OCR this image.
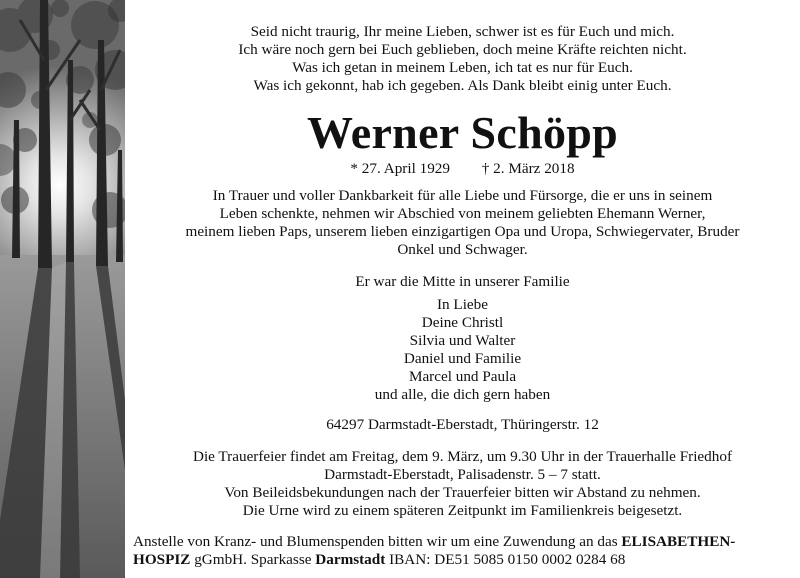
Seid nicht traurig, Ihr meine Lieben, schwer ist es für Euch und mich.
Ich wäre noch gern bei Euch geblieben, doch meine Kräfte reichten nicht.
Was ich getan in meinem Leben, ich tat es nur für Euch.
Was ich gekonnt, hab ich gegeben. Als Dank bleibt einig unter Euch.
Werner Schöpp
* 27. April 1929 † 2. März 2018
In Trauer und voller Dankbarkeit für alle Liebe und Fürsorge, die er uns in seinem
Leben schenkte, nehmen wir Abschied von meinem geliebten Ehemann Werner,
meinem lieben Paps, unserem lieben einzigartigen Opa und Uropa, Schwiegervater, Bruder
Onkel und Schwager.
Er war die Mitte in unserer Familie
In Liebe
Deine Christl
Silvia und Walter
Daniel und Familie
Marcel und Paula
und alle, die dich gern haben
64297 Darmstadt-Eberstadt, Thüringerstr. 12
Die Trauerfeier findet am Freitag, dem 9. März, um 9.30 Uhr in der Trauerhalle Friedhof
Darmstadt-Eberstadt, Palisadenstr. 5 – 7 statt.
Von Beileidsbekundungen nach der Trauerfeier bitten wir Abstand zu nehmen.
Die Urne wird zu einem späteren Zeitpunkt im Familienkreis beigesetzt.
Anstelle von Kranz- und Blumenspenden bitten wir um eine Zuwendung an das ELISABETHEN-
HOSPIZ gGmbH. Sparkasse Darmstadt IBAN: DE51 5085 0150 0002 0284 68
